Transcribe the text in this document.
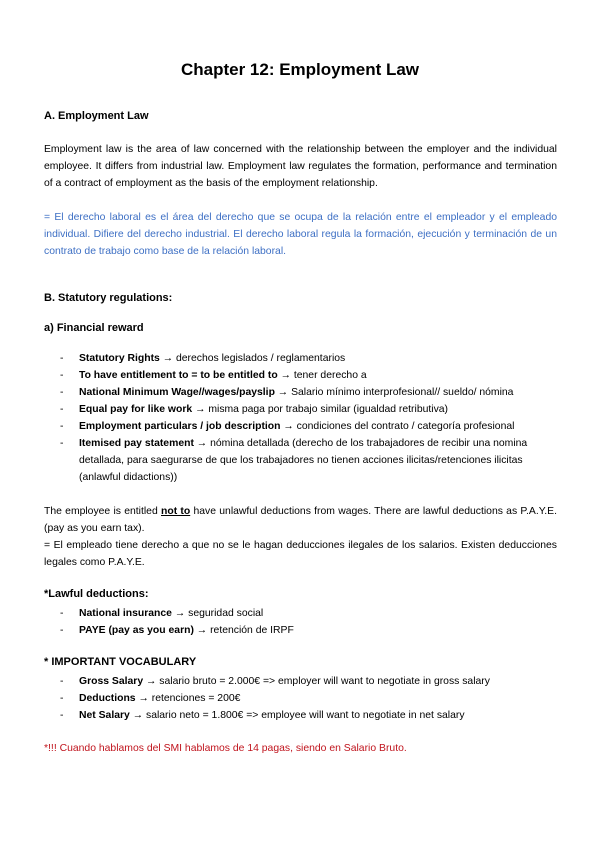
Chapter 12: Employment Law
A. Employment Law
Employment law is the area of law concerned with the relationship between the employer and the individual employee. It differs from industrial law. Employment law regulates the formation, performance and termination of a contract of employment as the basis of the employment relationship.
= El derecho laboral es el área del derecho que se ocupa de la relación entre el empleador y el empleado individual. Difiere del derecho industrial. El derecho laboral regula la formación, ejecución y terminación de un contrato de trabajo como base de la relación laboral.
B. Statutory regulations:
a) Financial reward
- Statutory Rights → derechos legislados / reglamentarios
- To have entitlement to = to be entitled to → tener derecho a
- National Minimum Wage//wages/payslip → Salario mínimo interprofesional// sueldo/ nómina
- Equal pay for like work → misma paga por trabajo similar (igualdad retributiva)
- Employment particulars / job description → condiciones del contrato / categoría profesional
- Itemised pay statement → nómina detallada (derecho de los trabajadores de recibir una nomina detallada, para saegurarse de que los trabajadores no tienen acciones ilicitas/retenciones ilicitas (anlawful didactions))
The employee is entitled not to have unlawful deductions from wages. There are lawful deductions as P.A.Y.E. (pay as you earn tax).
= El empleado tiene derecho a que no se le hagan deducciones ilegales de los salarios. Existen deducciones legales como P.A.Y.E.
*Lawful deductions:
- National insurance → seguridad social
- PAYE (pay as you earn) → retención de IRPF
* IMPORTANT VOCABULARY
- Gross Salary → salario bruto = 2.000€ => employer will want to negotiate in gross salary
- Deductions → retenciones = 200€
- Net Salary → salario neto = 1.800€ => employee will want to negotiate in net salary
*!!! Cuando hablamos del SMI hablamos de 14 pagas, siendo en Salario Bruto.
